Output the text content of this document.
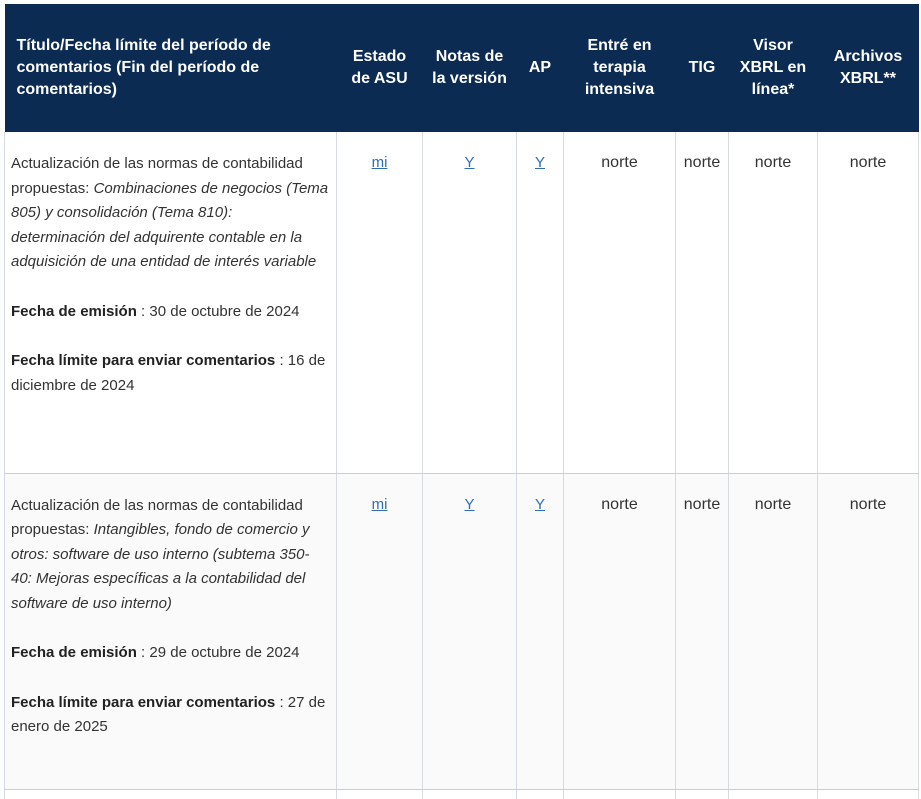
Título/Fecha límite del período de comentarios (Fin del período de comentarios)	Estado de ASU	Notas de la versión	AP	Entré en terapia intensiva	TIG	Visor XBRL en línea*	Archivos XBRL**

Actualización de las normas de contabilidad propuestas: Combinaciones de negocios (Tema 805) y consolidación (Tema 810): determinación del adquirente contable en la adquisición de una entidad de interés variable

Fecha de emisión : 30 de octubre de 2024

Fecha límite para enviar comentarios : 16 de diciembre de 2024	mi	Y	Y	norte	norte	norte	norte

Actualización de las normas de contabilidad propuestas: Intangibles, fondo de comercio y otros: software de uso interno (subtema 350-40: Mejoras específicas a la contabilidad del software de uso interno)

Fecha de emisión : 29 de octubre de 2024

Fecha límite para enviar comentarios : 27 de enero de 2025	mi	Y	Y	norte	norte	norte	norte
